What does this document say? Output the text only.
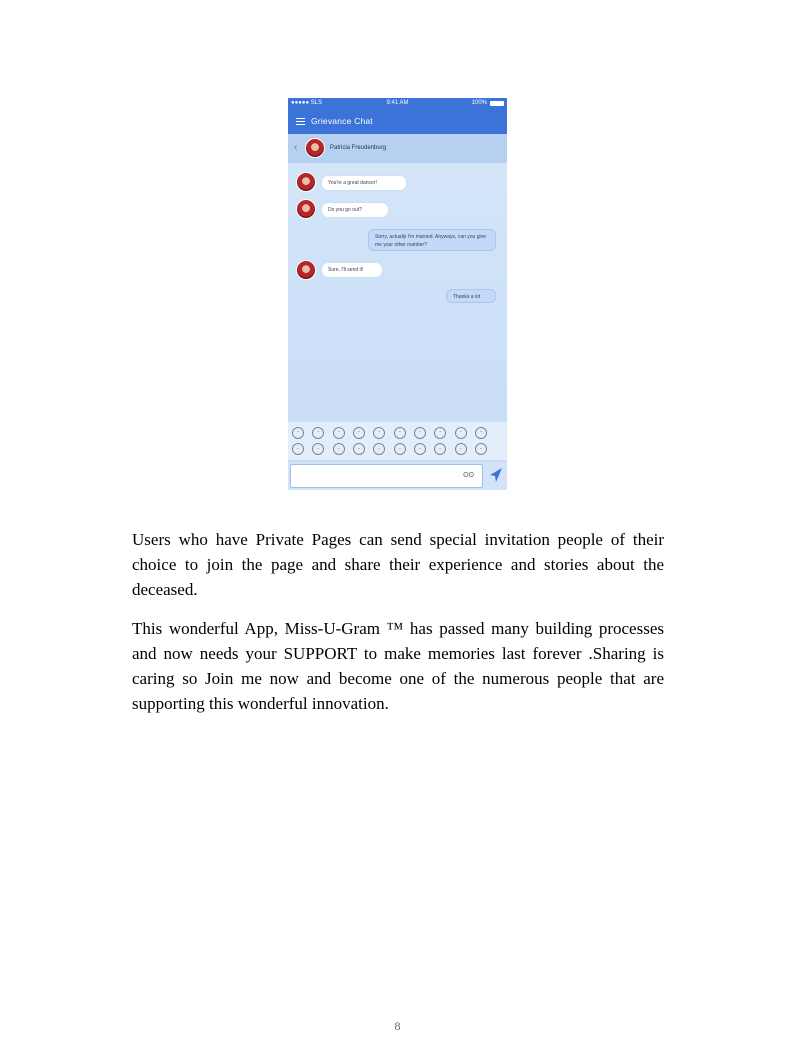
●●●●● SLS	9:41 AM	100%
Grievance Chat
‹	Patricia Freudenburg
You're a great dancer!
Do you go out?
Sorry, actually I'm married. Anyways, can you give me your other number?
Sure, I'll send it!
Thanks a lot
ᵔ	ᵔ	ᵔ	ᵔ	ᵔ	ᵔ	ᵔ	ᵔ	ᵔ	ᵔ
ᵕ	ᵕ	ᵕ	ᵕ	ᵕ	ᵕ	ᵕ	ᵕ	ᵕ	ᵕ
ʘʘ

Users who have Private Pages can send special invitation people of their choice to join the page and share their experience and stories about the deceased.

This wonderful App, Miss-U-Gram ™ has passed many building processes and now needs your SUPPORT to make memories last forever .Sharing is caring so Join me now and become one of the numerous people that are supporting this wonderful innovation.

8
